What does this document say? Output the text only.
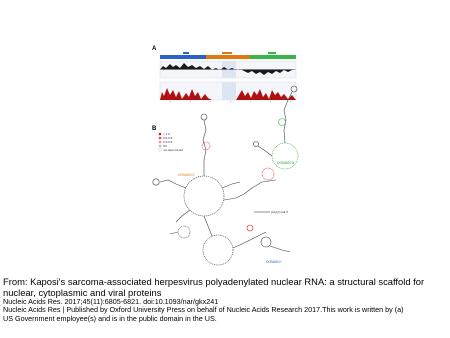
A
B
< 1.0
0.5-0.8
0.3-0.5
NC
not determined
DOMAIN II
DOMAIN III
DOMAIN I
poly(A) tail 3'

From: Kaposi's sarcoma-associated herpesvirus polyadenylated nuclear RNA: a structural scaffold for nuclear, cytoplasmic and viral proteins

Nucleic Acids Res. 2017;45(11):6805-6821. doi:10.1093/nar/gkx241

Nucleic Acids Res | Published by Oxford University Press on behalf of Nucleic Acids Research 2017.This work is written by (a)

US Government employee(s) and is in the public domain in the US.
